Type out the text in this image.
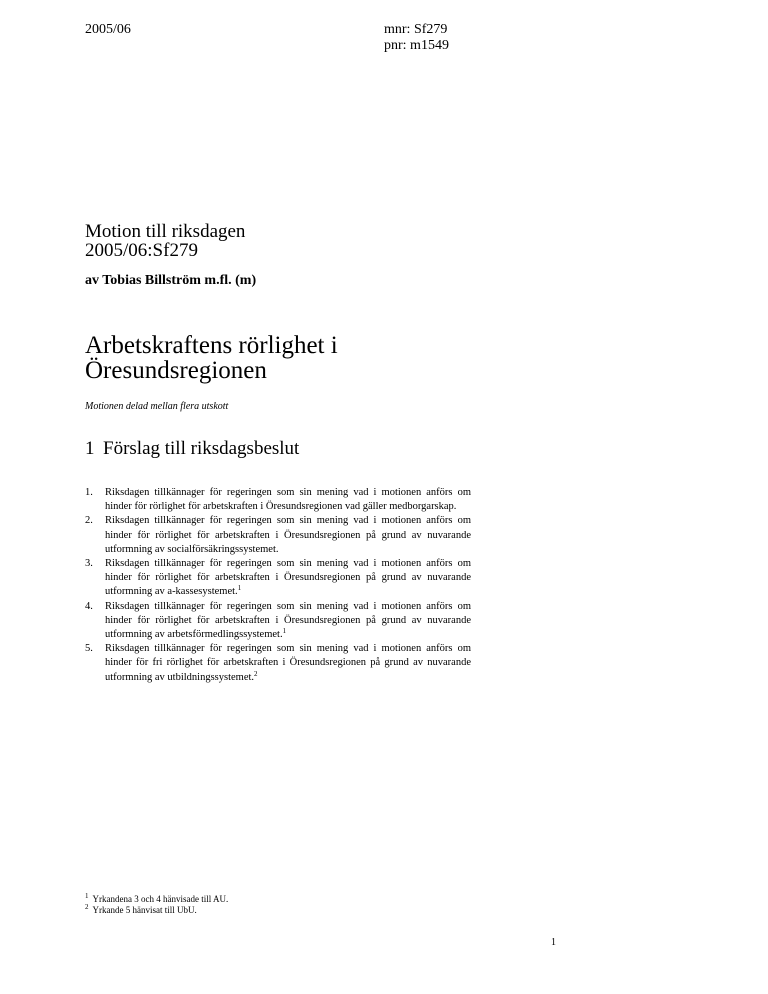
2005/06	mnr: Sf279
pnr: m1549
Motion till riksdagen
2005/06:Sf279
av Tobias Billström m.fl. (m)
Arbetskraftens rörlighet i
Öresundsregionen
Motionen delad mellan flera utskott
1 Förslag till riksdagsbeslut
1. Riksdagen tillkännager för regeringen som sin mening vad i motionen anförs om hinder för rörlighet för arbetskraften i Öresundsregionen vad gäller medborgarskap.
2. Riksdagen tillkännager för regeringen som sin mening vad i motionen anförs om hinder för rörlighet för arbetskraften i Öresundsregionen på grund av nuvarande utformning av socialförsäkringssystemet.
3. Riksdagen tillkännager för regeringen som sin mening vad i motionen anförs om hinder för rörlighet för arbetskraften i Öresundsregionen på grund av nuvarande utformning av a-kassesystemet.$^1$
4. Riksdagen tillkännager för regeringen som sin mening vad i motionen anförs om hinder för rörlighet för arbetskraften i Öresundsregionen på grund av nuvarande utformning av arbetsförmedlingssystemet.$^1$
5. Riksdagen tillkännager för regeringen som sin mening vad i motionen anförs om hinder för fri rörlighet för arbetskraften i Öresundsregionen på grund av nuvarande utformning av utbildningssystemet.$^2$
$^1$ Yrkandena 3 och 4 hänvisade till AU.
$^2$ Yrkande 5 hänvisat till UbU.
1
